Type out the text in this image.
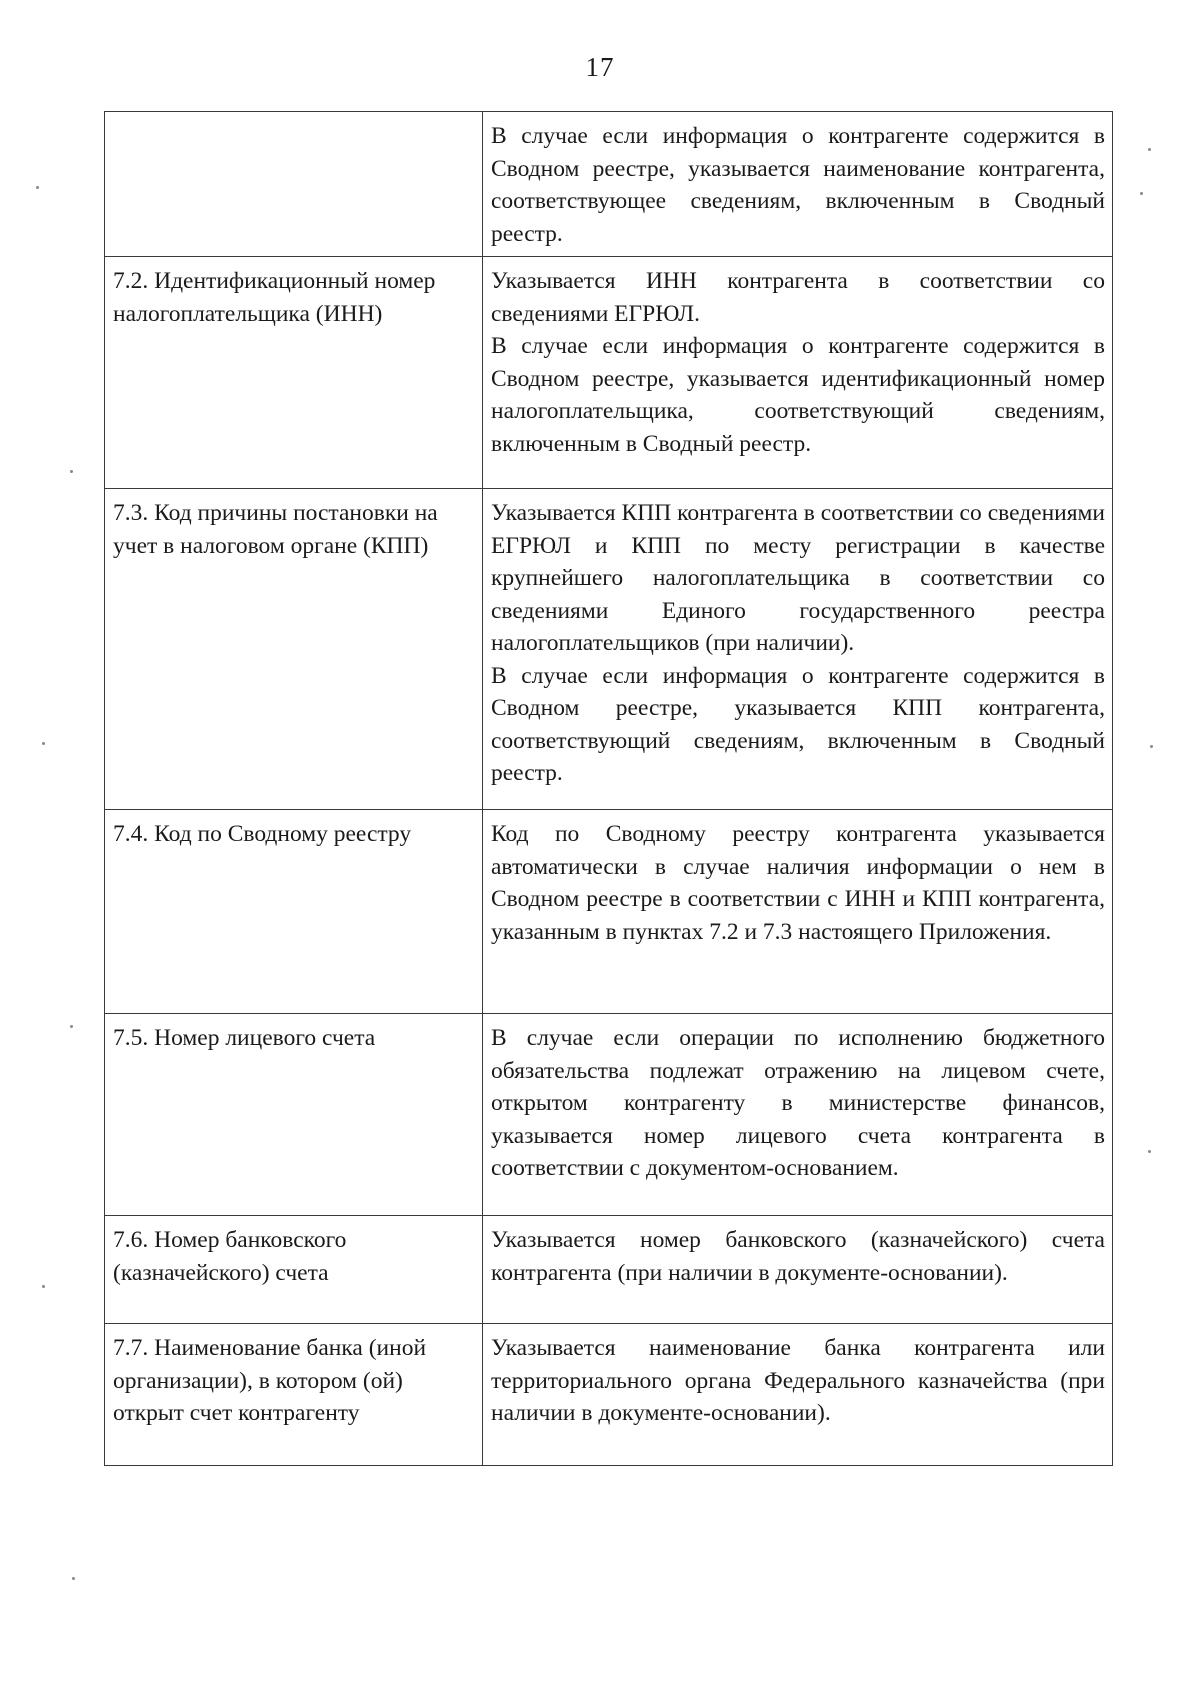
17

	В случае если информация о контрагенте содержится в Сводном реестре, указывается наименование контрагента, соответствующее сведениям, включенным в Сводный реестр.

7.2. Идентификационный номер налогоплательщика (ИНН)	Указывается ИНН контрагента в соответствии со сведениями ЕГРЮЛ.

В случае если информация о контрагенте содержится в Сводном реестре, указывается идентификационный номер налогоплательщика, соответствующий сведениям, включенным в Сводный реестр.

7.3. Код причины постановки на учет в налоговом органе (КПП)	Указывается КПП контрагента в соответствии со сведениями ЕГРЮЛ и КПП по месту регистрации в качестве крупнейшего налогоплательщика в соответствии со сведениями Единого государственного реестра налогоплательщиков (при наличии).

В случае если информация о контрагенте содержится в Сводном реестре, указывается КПП контрагента, соответствующий сведениям, включенным в Сводный реестр.

7.4. Код по Сводному реестру	Код по Сводному реестру контрагента указывается автоматически в случае наличия информации о нем в Сводном реестре в соответствии с ИНН и КПП контрагента, указанным в пунктах 7.2 и 7.3 настоящего Приложения.

7.5. Номер лицевого счета	В случае если операции по исполнению бюджетного обязательства подлежат отражению на лицевом счете, открытом контрагенту в министерстве финансов, указывается номер лицевого счета контрагента в соответствии с документом-основанием.

7.6. Номер банковского (казначейского) счета	Указывается номер банковского (казначейского) счета контрагента (при наличии в документе-основании).

7.7. Наименование банка (иной организации), в котором (ой) открыт счет контрагенту	Указывается наименование банка контрагента или территориального органа Федерального казначейства (при наличии в документе-основании).
